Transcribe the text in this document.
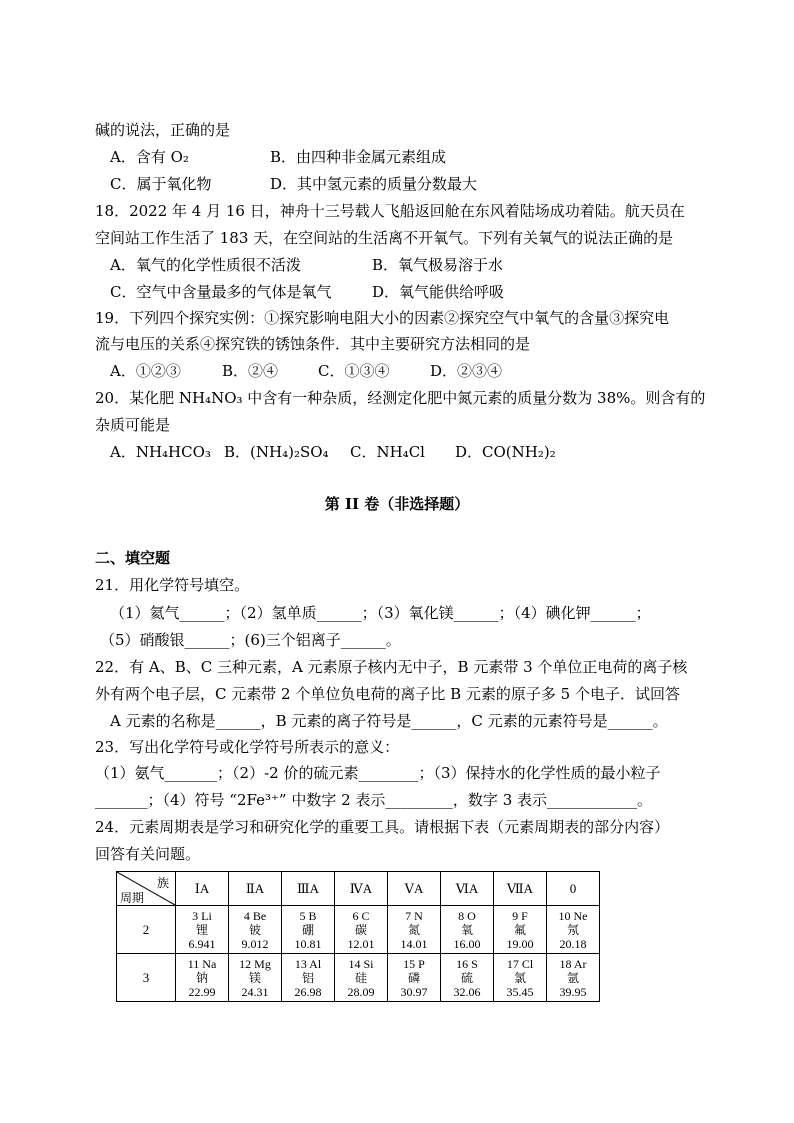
碱的说法，正确的是
A．含有 O₂	B．由四种非金属元素组成
C．属于氧化物	D．其中氢元素的质量分数最大
18．2022 年 4 月 16 日，神舟十三号载人飞船返回舱在东风着陆场成功着陆。航天员在
空间站工作生活了 183 天，在空间站的生活离不开氧气。下列有关氧气的说法正确的是
A．氧气的化学性质很不活泼	B．氧气极易溶于水
C．空气中含量最多的气体是氧气	D．氧气能供给呼吸
19．下列四个探究实例：①探究影响电阻大小的因素②探究空气中氧气的含量③探究电
流与电压的关系④探究铁的锈蚀条件．其中主要研究方法相同的是
A．①②③	B．②④	C．①③④	D．②③④
20．某化肥 NH₄NO₃ 中含有一种杂质，经测定化肥中氮元素的质量分数为 38%。则含有的
杂质可能是
A．NH₄HCO₃ B．(NH₄)₂SO₄ C．NH₄Cl D．CO(NH₂)₂
第 II 卷（非选择题）
二、填空题
21．用化学符号填空。
（1）氦气______；（2）氢单质______；（3）氧化镁______；（4）碘化钾______；
（5）硝酸银______；(6)三个铝离子______。
22．有 A、B、C 三种元素，A 元素原子核内无中子，B 元素带 3 个单位正电荷的离子核
外有两个电子层，C 元素带 2 个单位负电荷的离子比 B 元素的原子多 5 个电子．试回答
A 元素的名称是______，B 元素的离子符号是______，C 元素的元素符号是______。
23．写出化学符号或化学符号所表示的意义：
（1）氨气_______；（2）-2 价的硫元素________；（3）保持水的化学性质的最小粒子
_______；（4）符号 “2Fe³⁺” 中数字 2 表示_________，数字 3 表示____________。
24．元素周期表是学习和研究化学的重要工具。请根据下表（元素周期表的部分内容）
回答有关问题。
族
周期	ⅠA	ⅡA	ⅢA	ⅣA	ⅤA	ⅥA	ⅦA	0
2	3 Li
锂
6.941	4 Be
铍
9.012	5 B
硼
10.81	6 C
碳
12.01	7 N
氮
14.01	8 O
氧
16.00	9 F
氟
19.00	10 Ne
氖
20.18

3	11 Na
钠
22.99	12 Mg
镁
24.31	13 Al
铝
26.98	14 Si
硅
28.09	15 P
磷
30.97	16 S
硫
32.06	17 Cl
氯
35.45	18 Ar
氩
39.95
